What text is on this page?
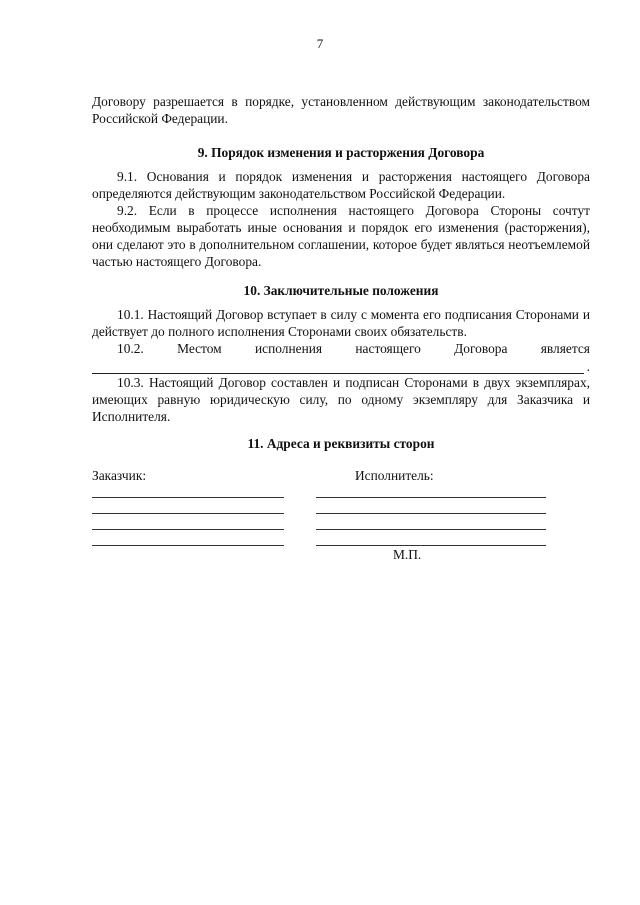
7

Договору разрешается в порядке, установленном действующим законодательством Российской Федерации.

9. Порядок изменения и расторжения Договора

9.1. Основания и порядок изменения и расторжения настоящего Договора определяются действующим законодательством Российской Федерации.

9.2. Если в процессе исполнения настоящего Договора Стороны сочтут необходимым выработать иные основания и порядок его изменения (расторжения), они сделают это в дополнительном соглашении, которое будет являться неотъемлемой частью настоящего Договора.

10. Заключительные положения

10.1. Настоящий Договор вступает в силу с момента его подписания Сторонами и действует до полного исполнения Сторонами своих обязательств.

10.2. Местом исполнения настоящего Договора является
.

10.3. Настоящий Договор составлен и подписан Сторонами в двух экземплярах, имеющих равную юридическую силу, по одному экземпляру для Заказчика и Исполнителя.

11. Адреса и реквизиты сторон
Заказчик:	Исполнитель:
М.П.
